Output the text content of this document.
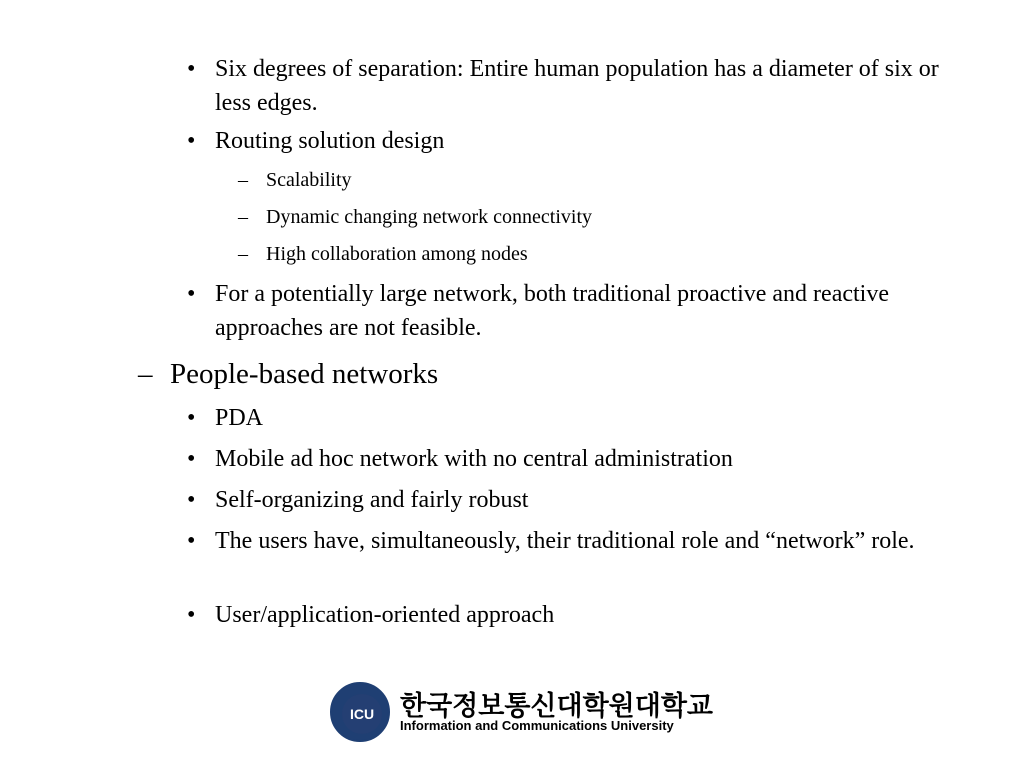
• Six degrees of separation: Entire human population has a diameter of six or less edges.
• Routing solution design
– Scalability
– Dynamic changing network connectivity
– High collaboration among nodes
• For a potentially large network, both traditional proactive and reactive approaches are not feasible.
– People-based networks
• PDA
• Mobile ad hoc network with no central administration
• Self-organizing and fairly robust
• The users have, simultaneously, their traditional role and “network” role.
• User/application-oriented approach
ICU 한국정보통신대학원대학교
Information and Communications University
